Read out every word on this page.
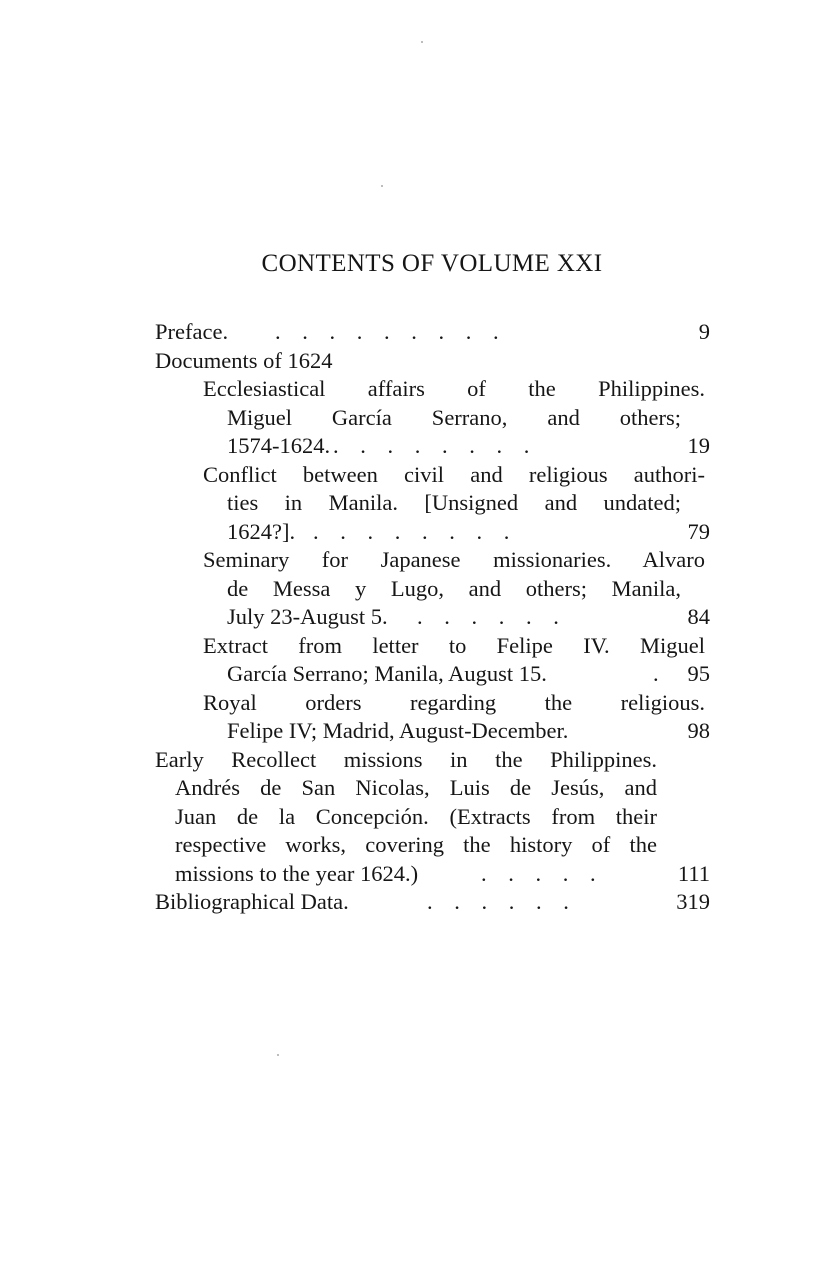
CONTENTS OF VOLUME XXI
Preface. . . . . . . . . .	9
Documents of 1624
Ecclesiastical affairs of the Philippines.
Miguel García Serrano, and others;
1574-1624. . . . . . . . .	19
Conflict between civil and religious authori-
ties in Manila. [Unsigned and undated;
1624?]. . . . . . . . .	79
Seminary for Japanese missionaries. Alvaro
de Messa y Lugo, and others; Manila,
July 23-August 5. . . . . . .	84
Extract from letter to Felipe IV. Miguel
García Serrano; Manila, August 15.	. 95
Royal orders regarding the religious.
Felipe IV; Madrid, August-December.	98
Early Recollect missions in the Philippines.
Andrés de San Nicolas, Luis de Jesús, and
Juan de la Concepción. (Extracts from their
respective works, covering the history of the
missions to the year 1624.)	. . . . .	111
Bibliographical Data.	. . . . . .	319
